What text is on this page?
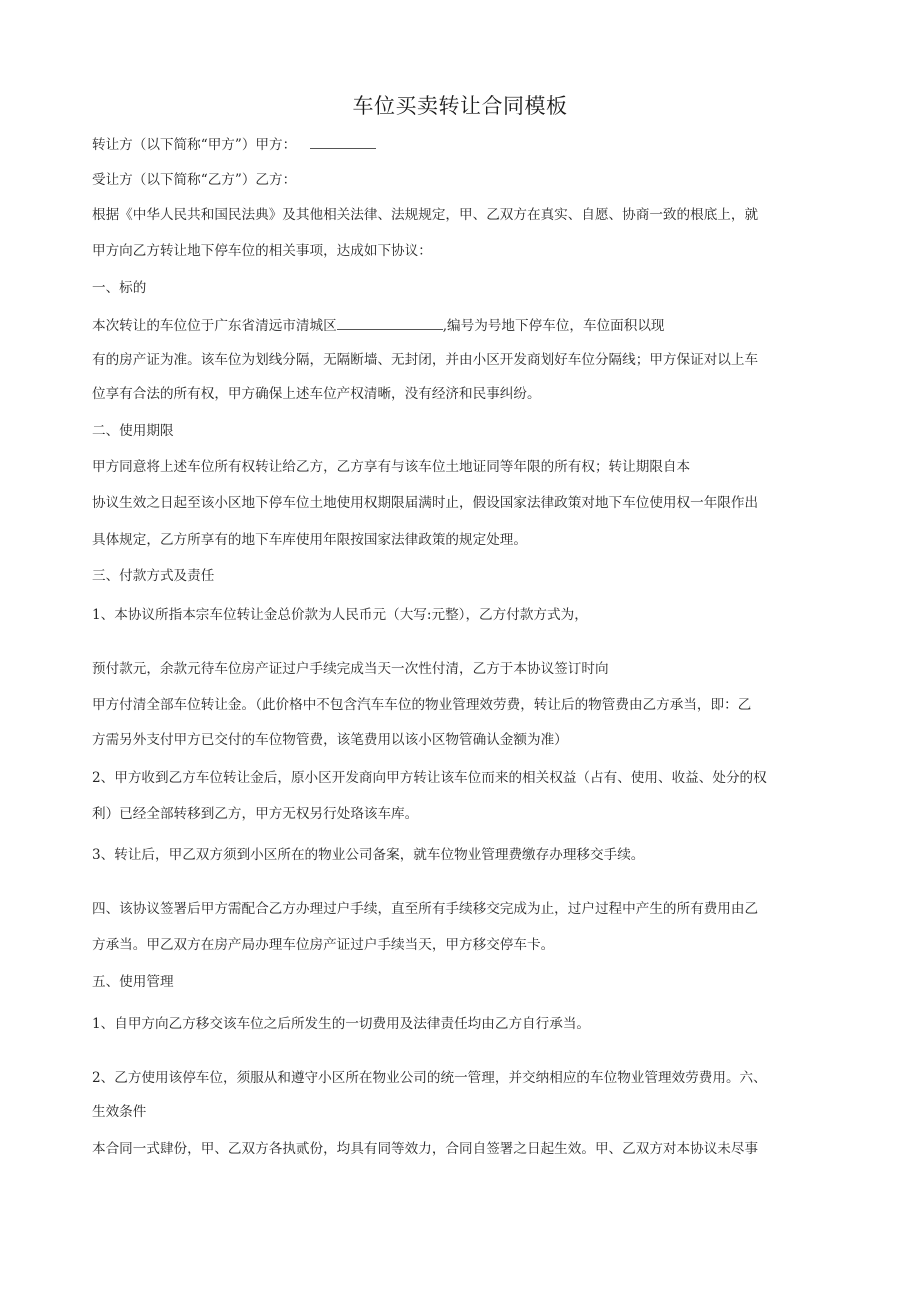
车位买卖转让合同模板
转让方（以下简称“甲方”）甲方：
受让方（以下简称“乙方”）乙方：
根据《中华人民共和国民法典》及其他相关法律、法规规定，甲、乙双方在真实、自愿、协商一致的根底上，就
甲方向乙方转让地下停车位的相关事项，达成如下协议：
一、标的
本次转让的车位位于广东省清远市清城区	,编号为号地下停车位，车位面积以现
有的房产证为准。该车位为划线分隔，无隔断墙、无封闭，并由小区开发商划好车位分隔线；甲方保证对以上车
位享有合法的所有权，甲方确保上述车位产权清晰，没有经济和民事纠纷。
二、使用期限
甲方同意将上述车位所有权转让给乙方，乙方享有与该车位土地证同等年限的所有权；转让期限自本
协议生效之日起至该小区地下停车位土地使用权期限届满时止，假设国家法律政策对地下车位使用权一年限作出
具体规定，乙方所享有的地下车库使用年限按国家法律政策的规定处理。
三、付款方式及责任
1、本协议所指本宗车位转让金总价款为人民币元（大写:元整），乙方付款方式为，
预付款元，余款元待车位房产证过户手续完成当天一次性付清，乙方于本协议签订时向
甲方付清全部车位转让金。（此价格中不包含汽车车位的物业管理效劳费，转让后的物管费由乙方承当，即：乙
方需另外支付甲方已交付的车位物管费，该笔费用以该小区物管确认金额为准）
2、甲方收到乙方车位转让金后，原小区开发商向甲方转让该车位而来的相关权益（占有、使用、收益、处分的权
利）已经全部转移到乙方，甲方无权另行处珞该车库。
3、转让后，甲乙双方须到小区所在的物业公司备案，就车位物业管理费缴存办理移交手续。
四、该协议签署后甲方需配合乙方办理过户手续，直至所有手续移交完成为止，过户过程中产生的所有费用由乙
方承当。甲乙双方在房产局办理车位房产证过户手续当天，甲方移交停车卡。
五、使用管理
1、自甲方向乙方移交该车位之后所发生的一切费用及法律责任均由乙方自行承当。
2、乙方使用该停车位，须服从和遵守小区所在物业公司的统一管理，并交纳相应的车位物业管理效劳费用。六、
生效条件
本合同一式肆份，甲、乙双方各执贰份，均具有同等效力，合同自签署之日起生效。甲、乙双方对本协议未尽事
